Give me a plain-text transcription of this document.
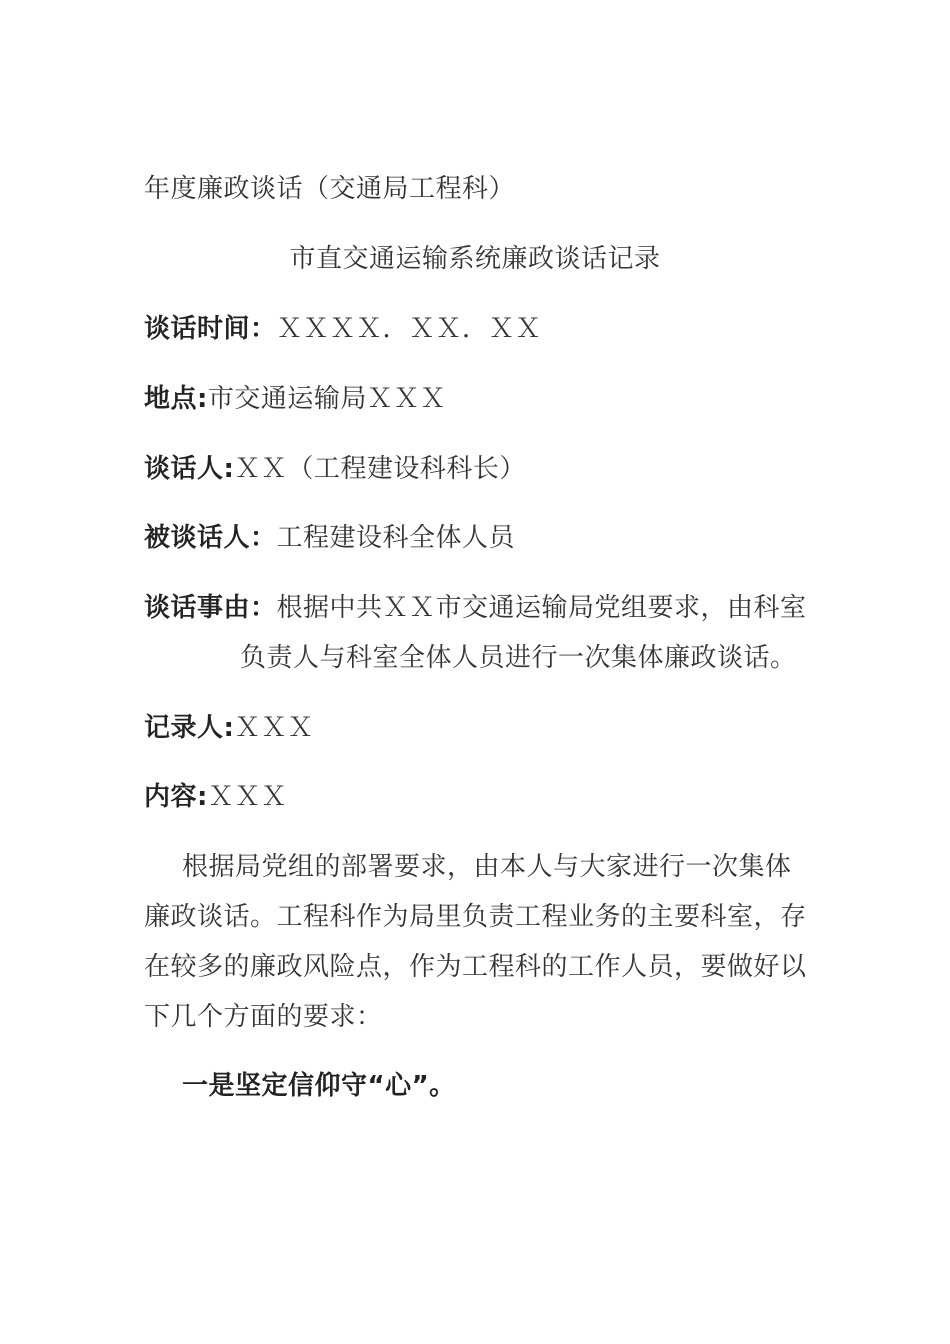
年度廉政谈话（交通局工程科）
市直交通运输系统廉政谈话记录
谈话时间：ＸＸＸＸ．ＸＸ．ＸＸ
地点:市交通运输局ＸＸＸ
谈话人:ＸＸ（工程建设科科长）
被谈话人：工程建设科全体人员
谈话事由：根据中共ＸＸ市交通运输局党组要求，由科室
负责人与科室全体人员进行一次集体廉政谈话。
记录人:ＸＸＸ
内容:ＸＸＸ
根据局党组的部署要求，由本人与大家进行一次集体廉政谈话。工程科作为局里负责工程业务的主要科室，存在较多的廉政风险点，作为工程科的工作人员，要做好以下几个方面的要求：
一是坚定信仰守“心”。
